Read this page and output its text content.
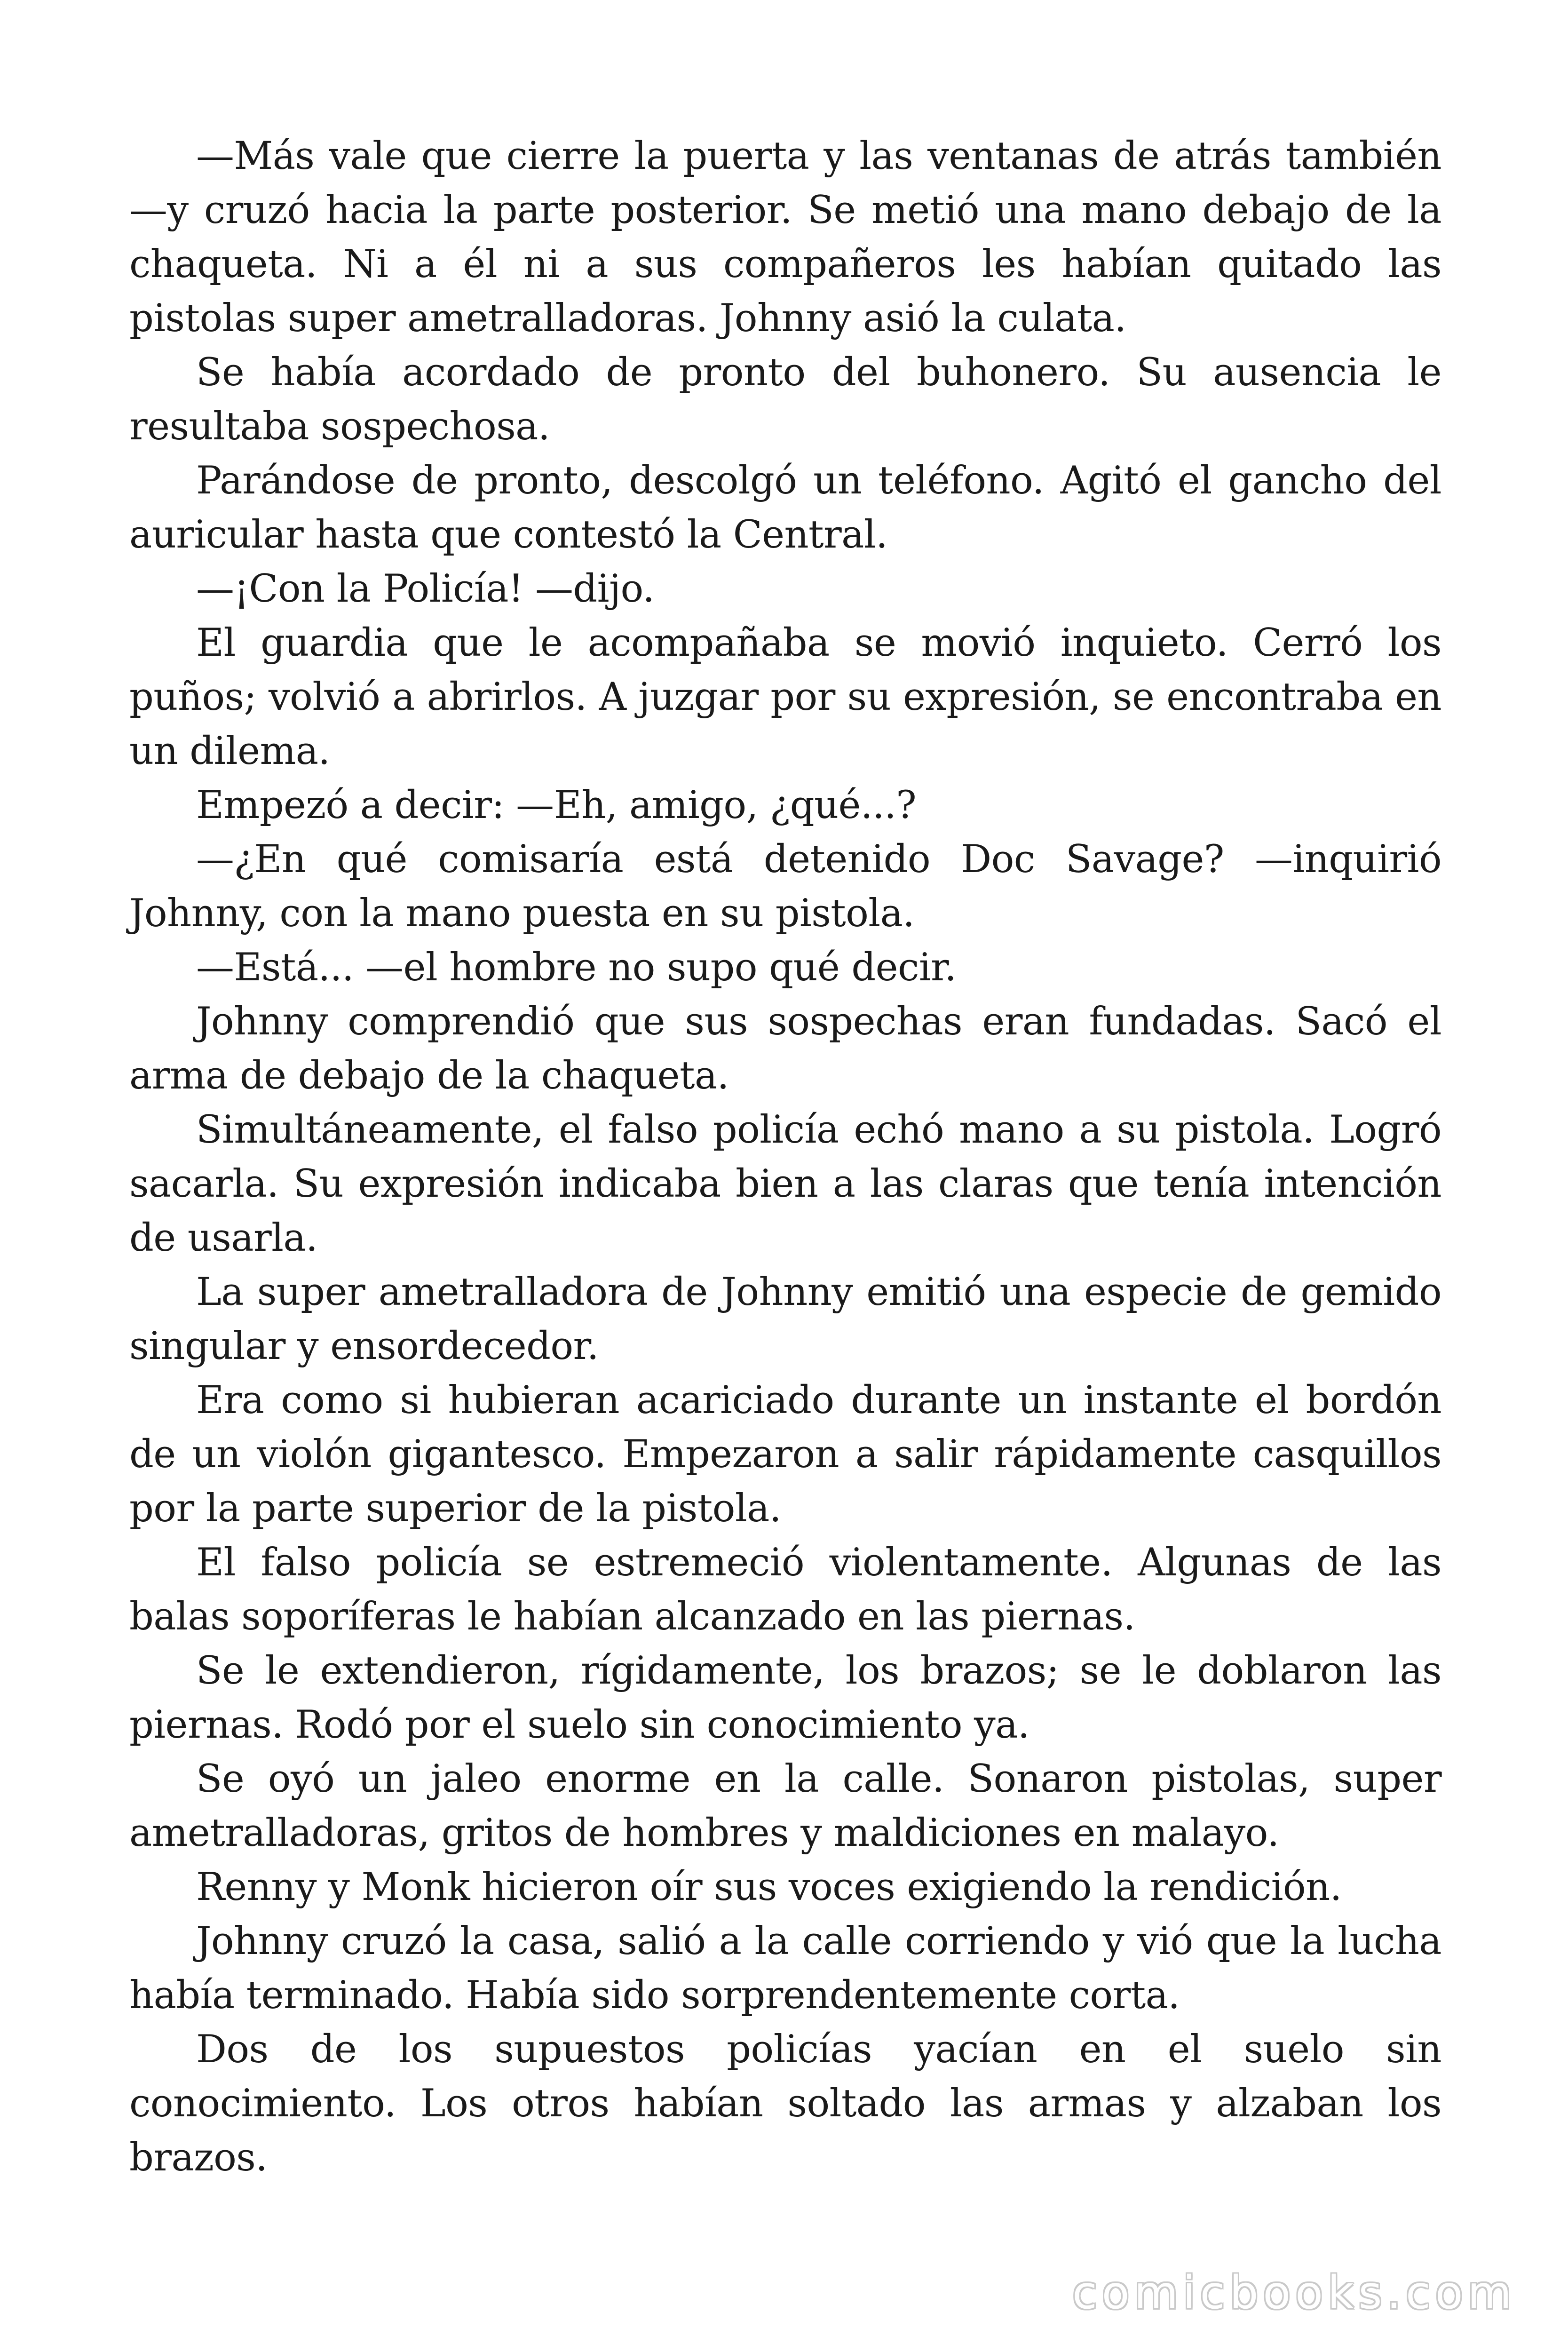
—Más vale que cierre la puerta y las ventanas de atrás también —y cruzó hacia la parte posterior. Se metió una mano debajo de la chaqueta. Ni a él ni a sus compañeros les habían quitado las pistolas super ametralladoras. Johnny asió la culata.

Se había acordado de pronto del buhonero. Su ausencia le resultaba sospechosa.

Parándose de pronto, descolgó un teléfono. Agitó el gancho del auricular hasta que contestó la Central.

—¡Con la Policía! —dijo.

El guardia que le acompañaba se movió inquieto. Cerró los puños; volvió a abrirlos. A juzgar por su expresión, se encontraba en un dilema.

Empezó a decir: —Eh, amigo, ¿qué...?

—¿En qué comisaría está detenido Doc Savage? —inquirió Johnny, con la mano puesta en su pistola.

—Está... —el hombre no supo qué decir.

Johnny comprendió que sus sospechas eran fundadas. Sacó el arma de debajo de la chaqueta.

Simultáneamente, el falso policía echó mano a su pistola. Logró sacarla. Su expresión indicaba bien a las claras que tenía intención de usarla.

La super ametralladora de Johnny emitió una especie de gemido singular y ensordecedor.

Era como si hubieran acariciado durante un instante el bordón de un violón gigantesco. Empezaron a salir rápidamente casquillos por la parte superior de la pistola.

El falso policía se estremeció violentamente. Algunas de las balas soporíferas le habían alcanzado en las piernas.

Se le extendieron, rígidamente, los brazos; se le doblaron las piernas. Rodó por el suelo sin conocimiento ya.

Se oyó un jaleo enorme en la calle. Sonaron pistolas, super ametralladoras, gritos de hombres y maldiciones en malayo.

Renny y Monk hicieron oír sus voces exigiendo la rendición.

Johnny cruzó la casa, salió a la calle corriendo y vió que la lucha había terminado. Había sido sorprendentemente corta.

Dos de los supuestos policías yacían en el suelo sin conocimiento. Los otros habían soltado las armas y alzaban los brazos.

comicbooks.com
